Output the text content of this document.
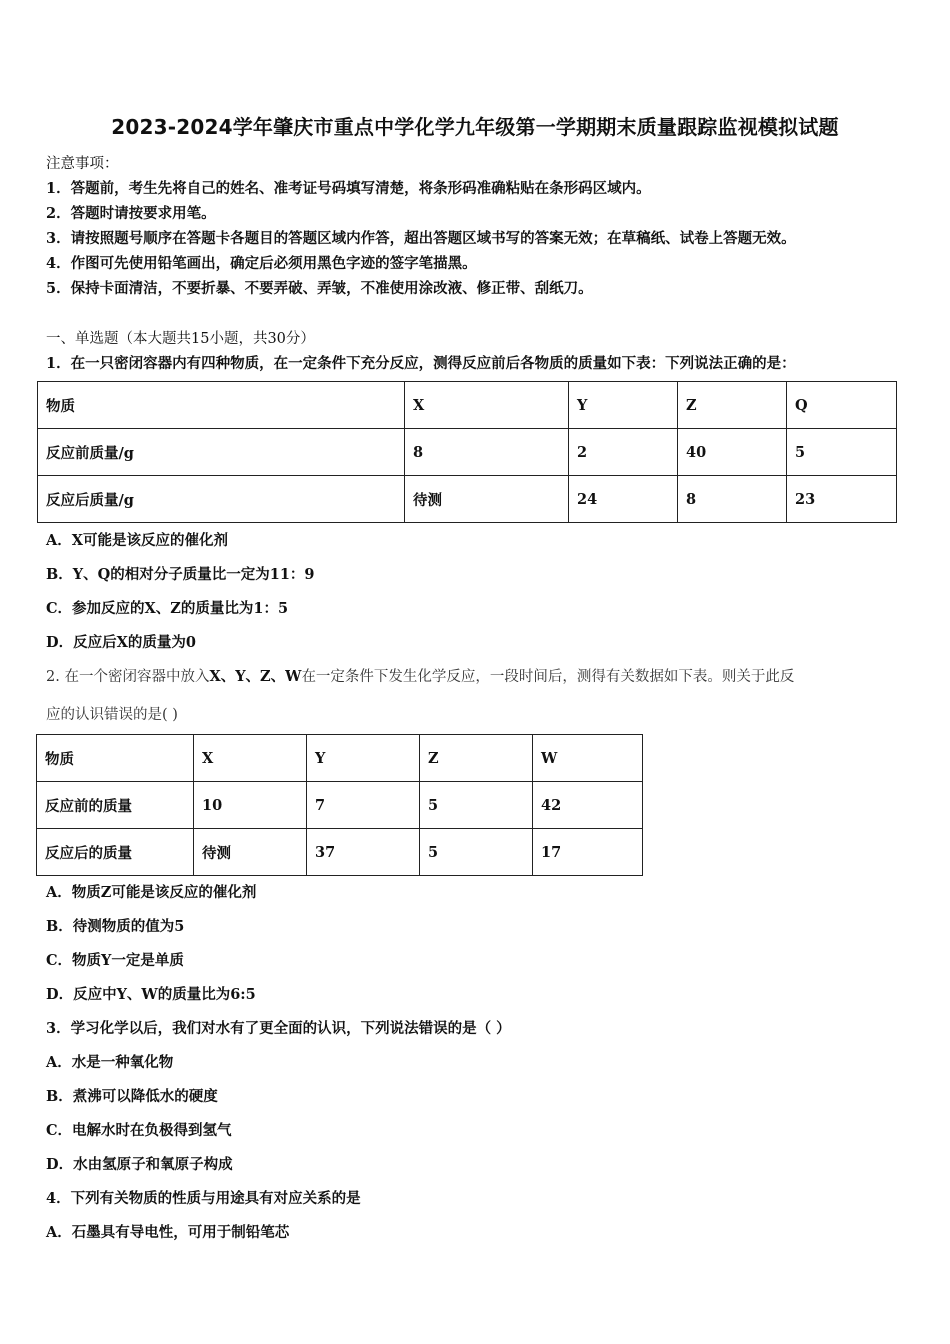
2023-2024学年肇庆市重点中学化学九年级第一学期期末质量跟踪监视模拟试题
注意事项：
1．答题前，考生先将自己的姓名、准考证号码填写清楚，将条形码准确粘贴在条形码区域内。
2．答题时请按要求用笔。
3．请按照题号顺序在答题卡各题目的答题区域内作答，超出答题区域书写的答案无效；在草稿纸、试卷上答题无效。
4．作图可先使用铅笔画出，确定后必须用黑色字迹的签字笔描黑。
5．保持卡面清洁，不要折暴、不要弄破、弄皱，不准使用涂改液、修正带、刮纸刀。
一、单选题（本大题共15小题，共30分）
1．在一只密闭容器内有四种物质，在一定条件下充分反应，测得反应前后各物质的质量如下表：下列说法正确的是：
物质	X	Y	Z	Q
反应前质量/g	8	2	40	5
反应后质量/g	待测	24	8	23
A．X可能是该反应的催化剂
B．Y、Q的相对分子质量比一定为11：9
C．参加反应的X、Z的质量比为1：5
D．反应后X的质量为0
2. 在一个密闭容器中放入X、Y、Z、W在一定条件下发生化学反应，一段时间后，测得有关数据如下表。则关于此反
应的认识错误的是( )
物质	X	Y	Z	W
反应前的质量	10	7	5	42
反应后的质量	待测	37	5	17
A．物质Z可能是该反应的催化剂
B．待测物质的值为5
C．物质Y一定是单质
D．反应中Y、W的质量比为6:5
3．学习化学以后，我们对水有了更全面的认识，下列说法错误的是（ ）
A．水是一种氧化物
B．煮沸可以降低水的硬度
C．电解水时在负极得到氢气
D．水由氢原子和氧原子构成
4．下列有关物质的性质与用途具有对应关系的是
A．石墨具有导电性，可用于制铅笔芯
